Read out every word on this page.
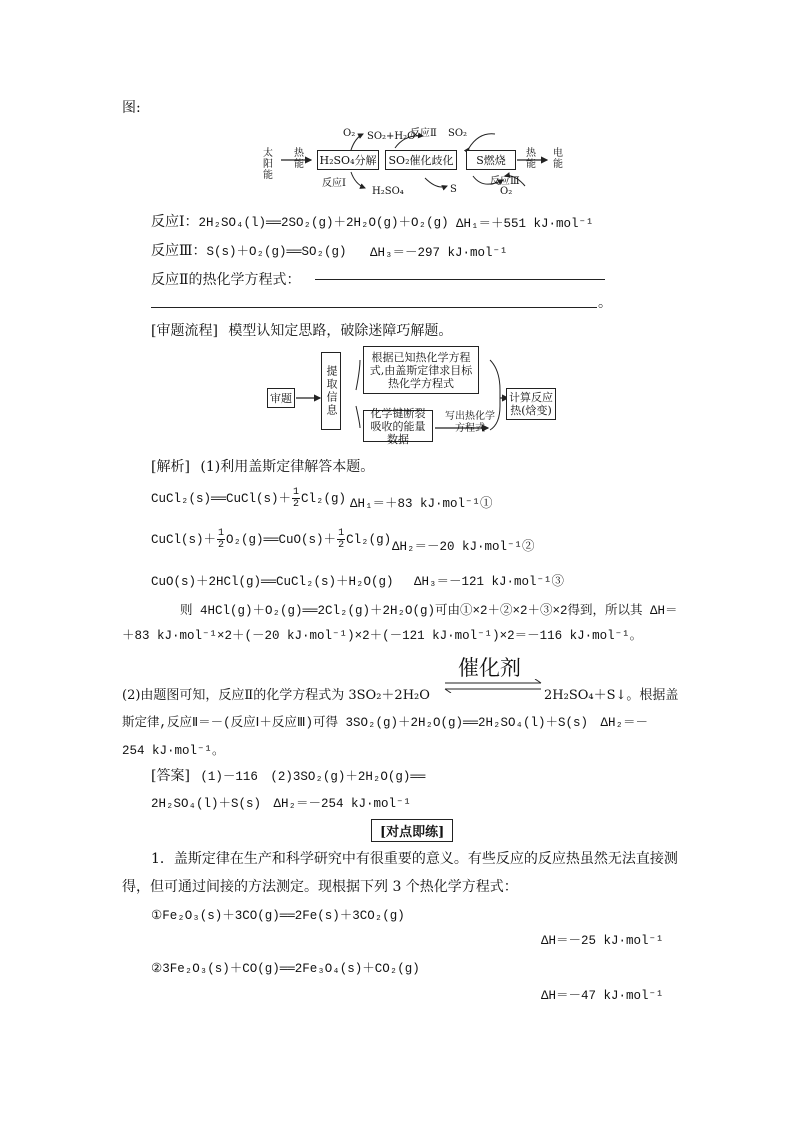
图:
太阳能
热能 H₂SO₄分解	SO₂催化歧化	S燃烧
热能
电能
O₂ SO₂+H₂O
反应Ⅱ SO₂
反应Ⅰ
H₂SO₄	S
反应Ⅲ
O₂
反应Ⅰ：2H₂SO₄(l)══2SO₂(g)＋2H₂O(g)＋O₂(g) ΔH₁＝＋551 kJ·mol⁻¹
反应Ⅲ：S(s)＋O₂(g)══SO₂(g) ΔH₃＝－297 kJ·mol⁻¹
反应Ⅱ的热化学方程式：
。
[审题流程] 模型认知定思路，破除迷障巧解题。
审题	提取信息
根据已知热化学方程式,由盖斯定律求目标热化学方程式
化学键断裂吸收的能量数据
写出热化学方程式
计算反应热(焓变)
[解析] (1)利用盖斯定律解答本题。
CuCl₂(s)══CuCl(s)＋ $\frac{1}{2} Cl_2(g)$ ΔH₁＝＋83 kJ·mol⁻¹①
CuCl(s)＋ $\frac{1}{2}$ O₂(g)══CuO(s)＋ $\frac{1}{2} Cl_2(g)$
ΔH₂＝－20 kJ·mol⁻¹②
CuO(s)＋2HCl(g)══CuCl₂(s)＋H₂O(g) ΔH₃＝－121 kJ·mol⁻¹③
则 4HCl(g)＋O₂(g)══2Cl₂(g)＋2H₂O(g)可由①×2＋②×2＋③×2得到，所以其 ΔH＝
＋83 kJ·mol⁻¹×2＋(－20 kJ·mol⁻¹)×2＋(－121 kJ·mol⁻¹)×2＝－116 kJ·mol⁻¹。
(2)由题图可知，反应Ⅱ的化学方程式为 3SO₂＋2H₂O
催化剂
2H₂SO₄＋S↓。根据盖
斯定律,反应Ⅱ＝－(反应Ⅰ＋反应Ⅲ)可得 3SO₂(g)＋2H₂O(g)══2H₂SO₄(l)＋S(s)　ΔH₂＝－
254 kJ·mol⁻¹。
[答案] (1)－116　(2)3SO₂(g)＋2H₂O(g)══
2H₂SO₄(l)＋S(s)　ΔH₂＝－254 kJ·mol⁻¹
[对点即练]
1．盖斯定律在生产和科学研究中有很重要的意义。有些反应的反应热虽然无法直接测
得，但可通过间接的方法测定。现根据下列 3 个热化学方程式：
①Fe₂O₃(s)＋3CO(g)══2Fe(s)＋3CO₂(g)
ΔH＝－25 kJ·mol⁻¹
②3Fe₂O₃(s)＋CO(g)══2Fe₃O₄(s)＋CO₂(g)
ΔH＝－47 kJ·mol⁻¹
